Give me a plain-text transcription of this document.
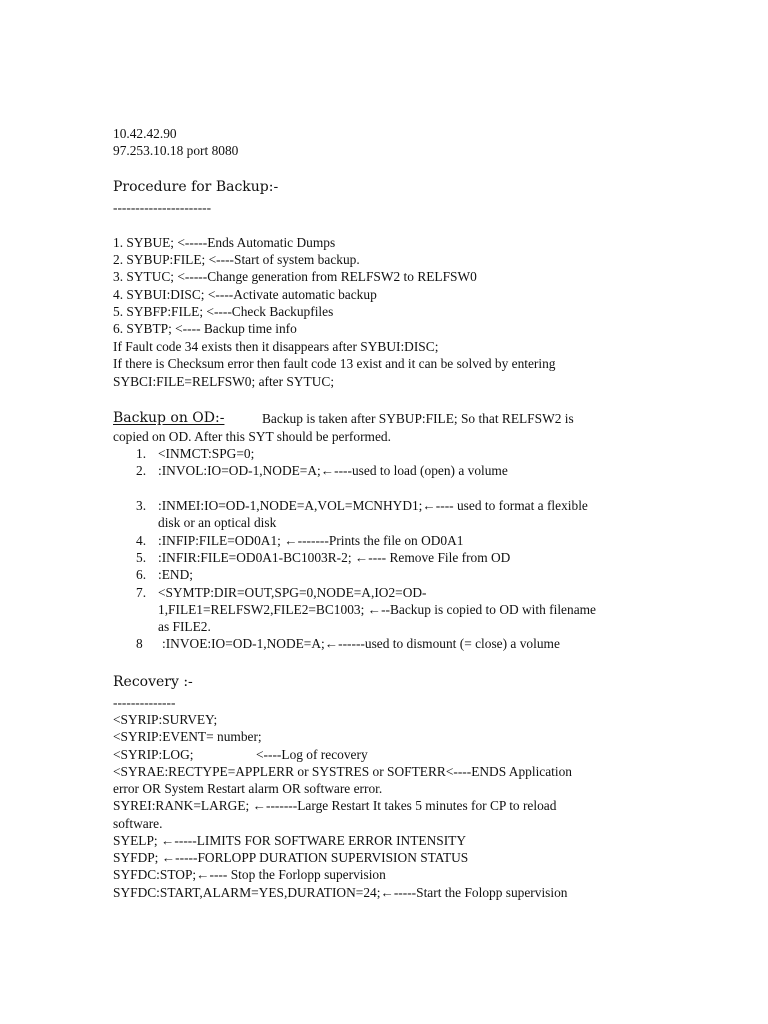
10.42.42.90
97.253.10.18 port 8080
Procedure for Backup:-
----------------------
1. SYBUE; <-----Ends Automatic Dumps
2. SYBUP:FILE; <----Start of system backup.
3. SYTUC; <-----Change generation from RELFSW2 to RELFSW0
4. SYBUI:DISC; <----Activate automatic backup
5. SYBFP:FILE; <----Check Backupfiles
6. SYBTP; <---- Backup time info
If Fault code 34 exists then it disappears after SYBUI:DISC;
If there is Checksum error then fault code 13 exist and it can be solved by entering
SYBCI:FILE=RELFSW0; after SYTUC;
Backup on OD:-	Backup is taken after SYBUP:FILE; So that RELFSW2 is
copied on OD. After this SYT should be performed.
1. <INMCT:SPG=0;
2. :INVOL:IO=OD-1,NODE=A;←----used to load (open) a volume
3. :INMEI:IO=OD-1,NODE=A,VOL=MCNHYD1;←---- used to format a flexible
disk or an optical disk
4. :INFIP:FILE=OD0A1; ←-------Prints the file on OD0A1
5. :INFIR:FILE=OD0A1-BC1003R-2; ←---- Remove File from OD
6. :END;
7. <SYMTP:DIR=OUT,SPG=0,NODE=A,IO2=OD-
1,FILE1=RELFSW2,FILE2=BC1003; ←--Backup is copied to OD with filename
as FILE2.
8 :INVOE:IO=OD-1,NODE=A;←------used to dismount (= close) a volume
Recovery :-
--------------
<SYRIP:SURVEY;
<SYRIP:EVENT= number;
<SYRIP:LOG;	<----Log of recovery
<SYRAE:RECTYPE=APPLERR or SYSTRES or SOFTERR<----ENDS Application
error OR System Restart alarm OR software error.
SYREI:RANK=LARGE; ←-------Large Restart It takes 5 minutes for CP to reload
software.
SYELP; ←-----LIMITS FOR SOFTWARE ERROR INTENSITY
SYFDP; ←-----FORLOPP DURATION SUPERVISION STATUS
SYFDC:STOP;←---- Stop the Forlopp supervision
SYFDC:START,ALARM=YES,DURATION=24;←-----Start the Folopp supervision
